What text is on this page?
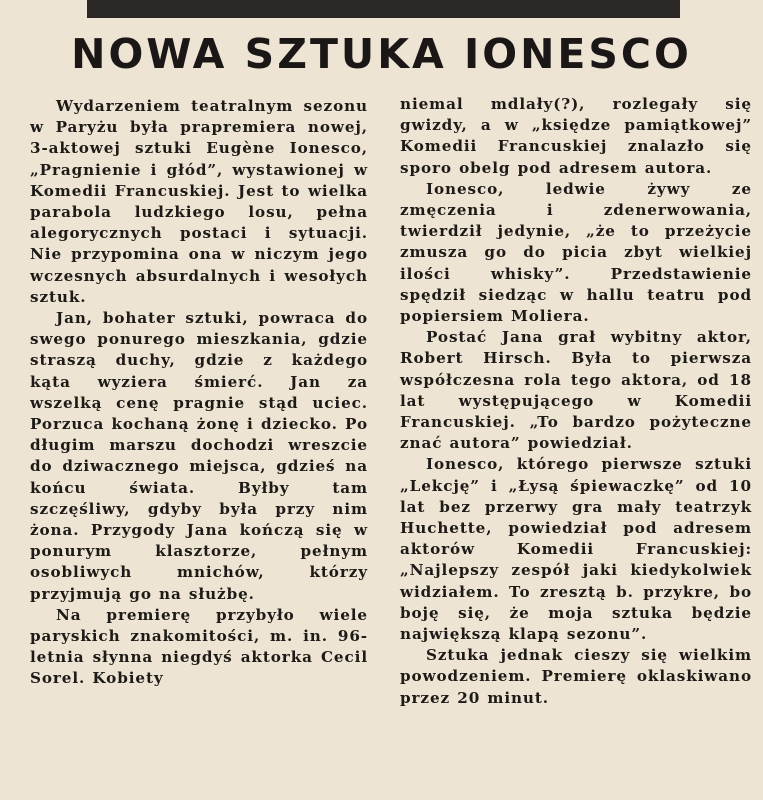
NOWA SZTUKA IONESCO

Wydarzeniem teatralnym sezonu w Paryżu była prapremiera nowej, 3-aktowej sztuki Eugène Ionesco, „Pragnienie i głód”, wystawionej w Komedii Francuskiej. Jest to wielka parabola ludzkiego losu, pełna alegorycznych postaci i sytuacji. Nie przypomina ona w niczym jego wczesnych absurdalnych i wesołych sztuk.

Jan, bohater sztuki, powraca do swego ponurego mieszkania, gdzie straszą duchy, gdzie z każdego kąta wyziera śmierć. Jan za wszelką cenę pragnie stąd uciec. Porzuca kochaną żonę i dziecko. Po długim marszu dochodzi wreszcie do dziwacznego miejsca, gdzieś na końcu świata. Byłby tam szczęśliwy, gdyby była przy nim żona. Przygody Jana kończą się w ponurym klasztorze, pełnym osobliwych mnichów, którzy przyjmują go na służbę.

Na premierę przybyło wiele paryskich znakomitości, m. in. 96-letnia słynna niegdyś aktorka Cecil Sorel. Kobiety

niemal mdlały(?), rozlegały się gwizdy, a w „księdze pamiątkowej” Komedii Francuskiej znalazło się sporo obelg pod adresem autora.

Ionesco, ledwie żywy ze zmęczenia i zdenerwowania, twierdził jedynie, „że to przeżycie zmusza go do picia zbyt wielkiej ilości whisky”. Przedstawienie spędził siedząc w hallu teatru pod popiersiem Moliera.

Postać Jana grał wybitny aktor, Robert Hirsch. Była to pierwsza współczesna rola tego aktora, od 18 lat występującego w Komedii Francuskiej. „To bardzo pożyteczne znać autora” powiedział.

Ionesco, którego pierwsze sztuki „Lekcję” i „Łysą śpiewaczkę” od 10 lat bez przerwy gra mały teatrzyk Huchette, powiedział pod adresem aktorów Komedii Francuskiej: „Najlepszy zespół jaki kiedykolwiek widziałem. To zresztą b. przykre, bo boję się, że moja sztuka będzie największą klapą sezonu”.

Sztuka jednak cieszy się wielkim powodzeniem. Premierę oklaskiwano przez 20 minut.
